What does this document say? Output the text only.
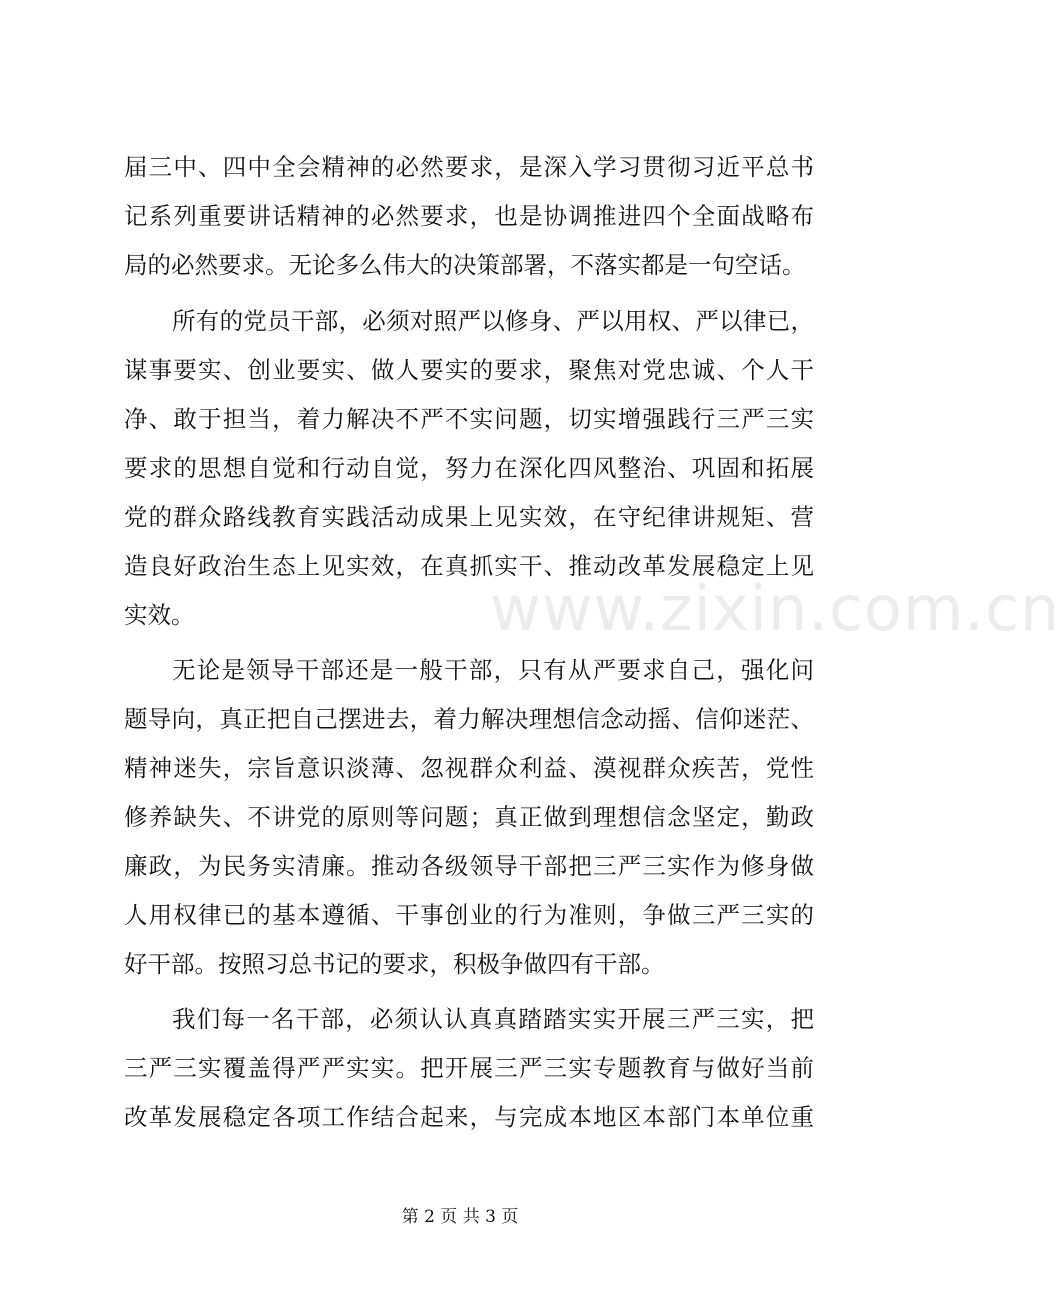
www.zixin.com.cn
届三中、四中全会精神的必然要求，是深入学习贯彻习近平总书
记系列重要讲话精神的必然要求，也是协调推进四个全面战略布
局的必然要求。无论多么伟大的决策部署，不落实都是一句空话。
所有的党员干部，必须对照严以修身、严以用权、严以律已，
谋事要实、创业要实、做人要实的要求，聚焦对党忠诚、个人干
净、敢于担当，着力解决不严不实问题，切实增强践行三严三实
要求的思想自觉和行动自觉，努力在深化四风整治、巩固和拓展
党的群众路线教育实践活动成果上见实效，在守纪律讲规矩、营
造良好政治生态上见实效，在真抓实干、推动改革发展稳定上见
实效。
无论是领导干部还是一般干部，只有从严要求自己，强化问
题导向，真正把自己摆进去，着力解决理想信念动摇、信仰迷茫、
精神迷失，宗旨意识淡薄、忽视群众利益、漠视群众疾苦，党性
修养缺失、不讲党的原则等问题；真正做到理想信念坚定，勤政
廉政，为民务实清廉。推动各级领导干部把三严三实作为修身做
人用权律已的基本遵循、干事创业的行为准则，争做三严三实的
好干部。按照习总书记的要求，积极争做四有干部。
我们每一名干部，必须认认真真踏踏实实开展三严三实，把
三严三实覆盖得严严实实。把开展三严三实专题教育与做好当前
改革发展稳定各项工作结合起来，与完成本地区本部门本单位重
第 2 页 共 3 页
